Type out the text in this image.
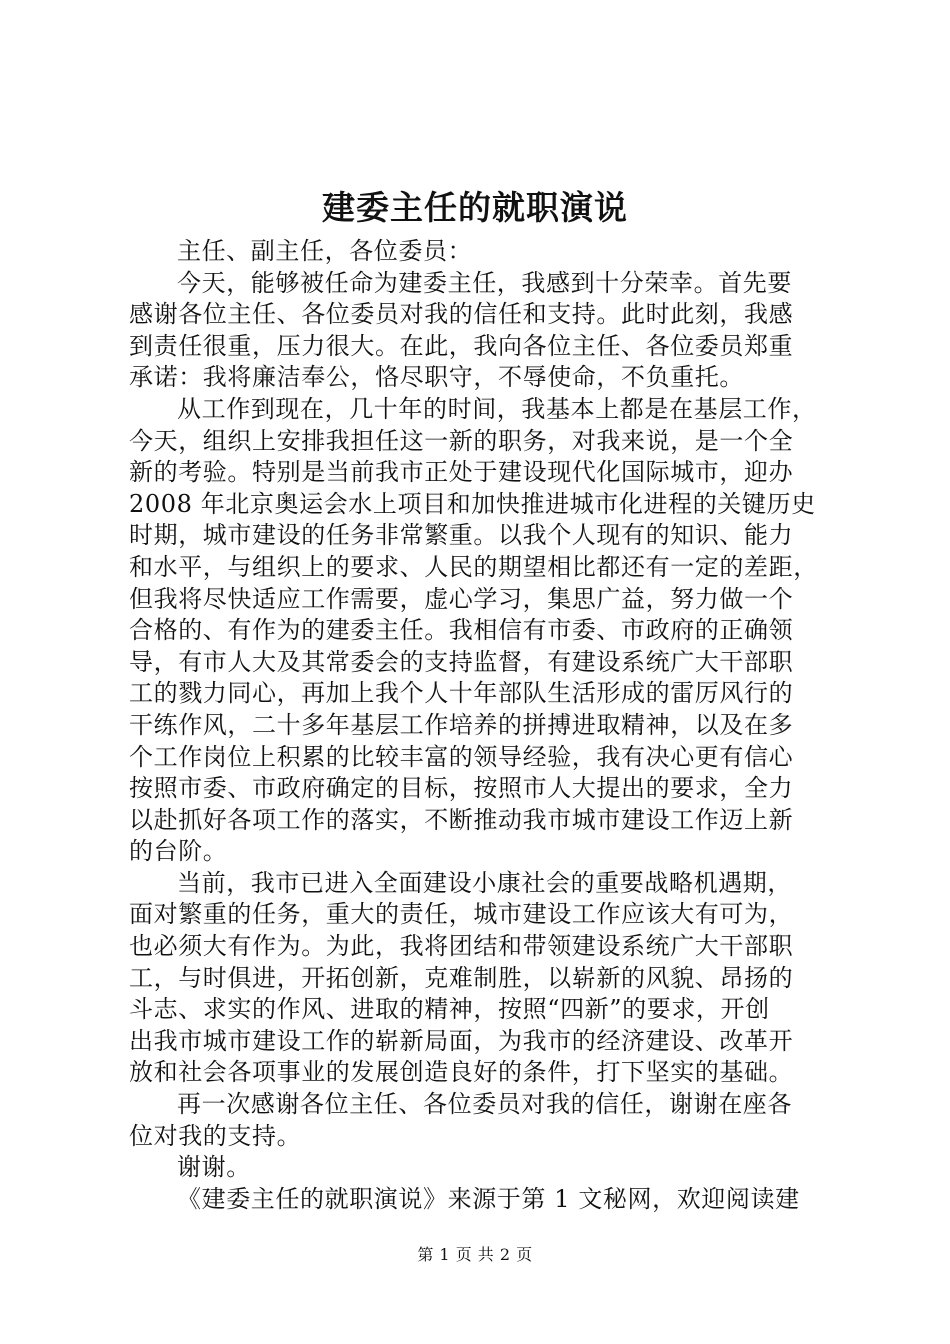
建委主任的就职演说

主任、副主任，各位委员：

今天，能够被任命为建委主任，我感到十分荣幸。首先要
感谢各位主任、各位委员对我的信任和支持。此时此刻，我感
到责任很重，压力很大。在此，我向各位主任、各位委员郑重
承诺：我将廉洁奉公，恪尽职守，不辱使命，不负重托。

从工作到现在，几十年的时间，我基本上都是在基层工作，
今天，组织上安排我担任这一新的职务，对我来说，是一个全
新的考验。特别是当前我市正处于建设现代化国际城市，迎办
2008 年北京奥运会水上项目和加快推进城市化进程的关键历史
时期，城市建设的任务非常繁重。以我个人现有的知识、能力
和水平，与组织上的要求、人民的期望相比都还有一定的差距，
但我将尽快适应工作需要，虚心学习，集思广益，努力做一个
合格的、有作为的建委主任。我相信有市委、市政府的正确领
导，有市人大及其常委会的支持监督，有建设系统广大干部职
工的戮力同心，再加上我个人十年部队生活形成的雷厉风行的
干练作风，二十多年基层工作培养的拼搏进取精神，以及在多
个工作岗位上积累的比较丰富的领导经验，我有决心更有信心
按照市委、市政府确定的目标，按照市人大提出的要求，全力
以赴抓好各项工作的落实，不断推动我市城市建设工作迈上新
的台阶。

当前，我市已进入全面建设小康社会的重要战略机遇期，
面对繁重的任务，重大的责任，城市建设工作应该大有可为，
也必须大有作为。为此，我将团结和带领建设系统广大干部职
工，与时俱进，开拓创新，克难制胜，以崭新的风貌、昂扬的
斗志、求实的作风、进取的精神，按照“四新”的要求，开创
出我市城市建设工作的崭新局面，为我市的经济建设、改革开
放和社会各项事业的发展创造良好的条件，打下坚实的基础。

再一次感谢各位主任、各位委员对我的信任，谢谢在座各
位对我的支持。

谢谢。

《建委主任的就职演说》来源于第 1 文秘网，欢迎阅读建

第 1 页 共 2 页
